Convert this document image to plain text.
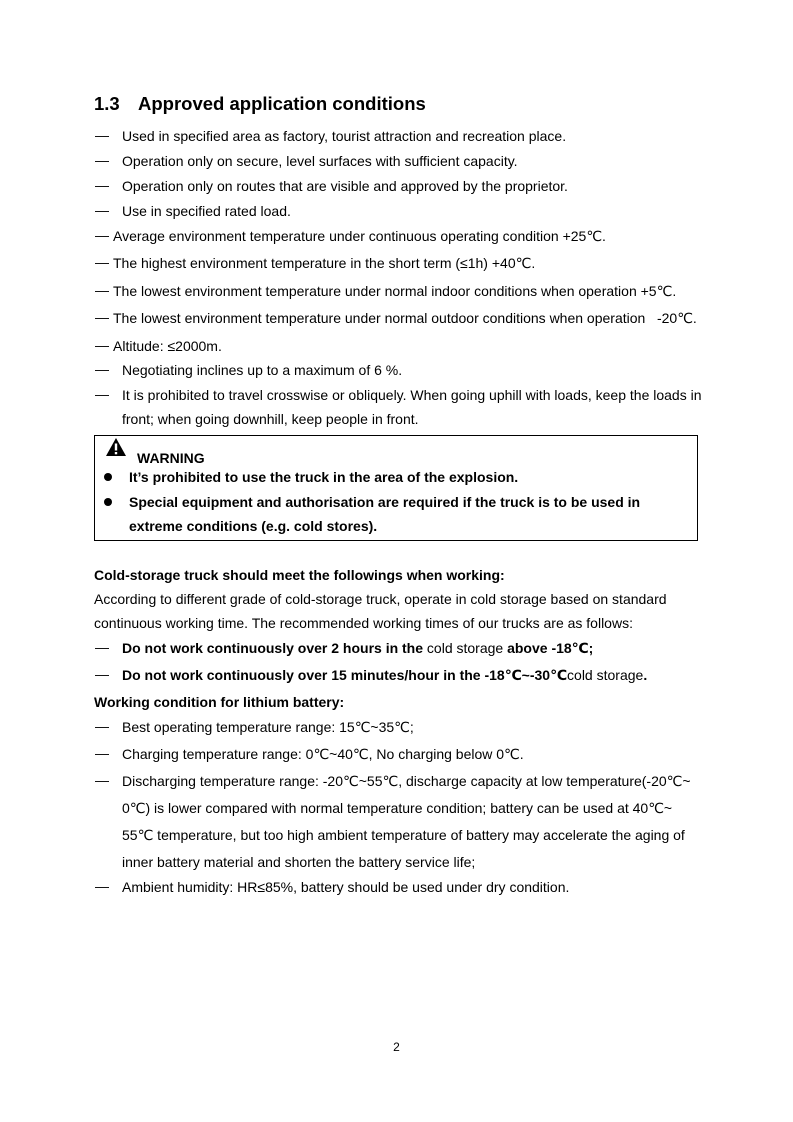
1.3 Approved application conditions
— Used in specified area as factory, tourist attraction and recreation place.
— Operation only on secure, level surfaces with sufficient capacity.
— Operation only on routes that are visible and approved by the proprietor.
— Use in specified rated load.
— Average environment temperature under continuous operating condition +25℃.
— The highest environment temperature in the short term (≤1h) +40℃.
— The lowest environment temperature under normal indoor conditions when operation +5℃.
— The lowest environment temperature under normal outdoor conditions when operation   -20℃.
— Altitude: ≤2000m.
— Negotiating inclines up to a maximum of 6 %.
— It is prohibited to travel crosswise or obliquely. When going uphill with loads, keep the loads in
front; when going downhill, keep people in front.
WARNING
It’s prohibited to use the truck in the area of the explosion.
Special equipment and authorisation are required if the truck is to be used in
extreme conditions (e.g. cold stores).
Cold-storage truck should meet the followings when working:
According to different grade of cold-storage truck, operate in cold storage based on standard
continuous working time. The recommended working times of our trucks are as follows:
— Do not work continuously over 2 hours in the cold storage above -18℃;
— Do not work continuously over 15 minutes/hour in the -18℃~-30℃cold storage.
Working condition for lithium battery:
— Best operating temperature range: 15℃~35℃;
— Charging temperature range: 0℃~40℃, No charging below 0℃.
— Discharging temperature range: -20℃~55℃, discharge capacity at low temperature(-20℃~
0℃) is lower compared with normal temperature condition; battery can be used at 40℃~
55℃ temperature, but too high ambient temperature of battery may accelerate the aging of
inner battery material and shorten the battery service life;
— Ambient humidity: HR≤85%, battery should be used under dry condition.
2
